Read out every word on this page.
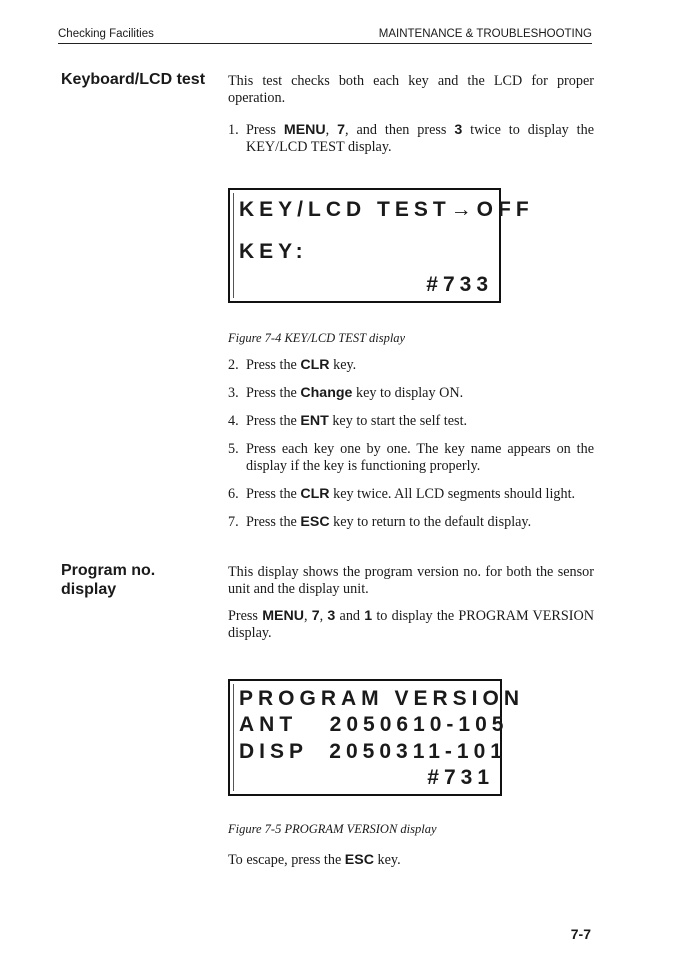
Checking Facilities	MAINTENANCE & TROUBLESHOOTING
Keyboard/LCD test This test checks both each key and the LCD for proper operation.
1. Press MENU, 7, and then press 3 twice to display the KEY/LCD TEST display.
KEY/LCD TEST→OFF
KEY:
#733
Figure 7-4 KEY/LCD TEST display
2. Press the CLR key.
3. Press the Change key to display ON.
4. Press the ENT key to start the self test.
5. Press each key one by one. The key name appears on the display if the key is functioning properly.
6. Press the CLR key twice. All LCD segments should light.
7. Press the ESC key to return to the default display.
Program no.
display
This display shows the program version no. for both the sensor unit and the display unit.
Press MENU, 7, 3 and 1 to display the PROGRAM VERSION display.
PROGRAM VERSION
ANT   2050610-105
DISP  2050311-101
#731
Figure 7-5 PROGRAM VERSION display
To escape, press the ESC key.
7-7
